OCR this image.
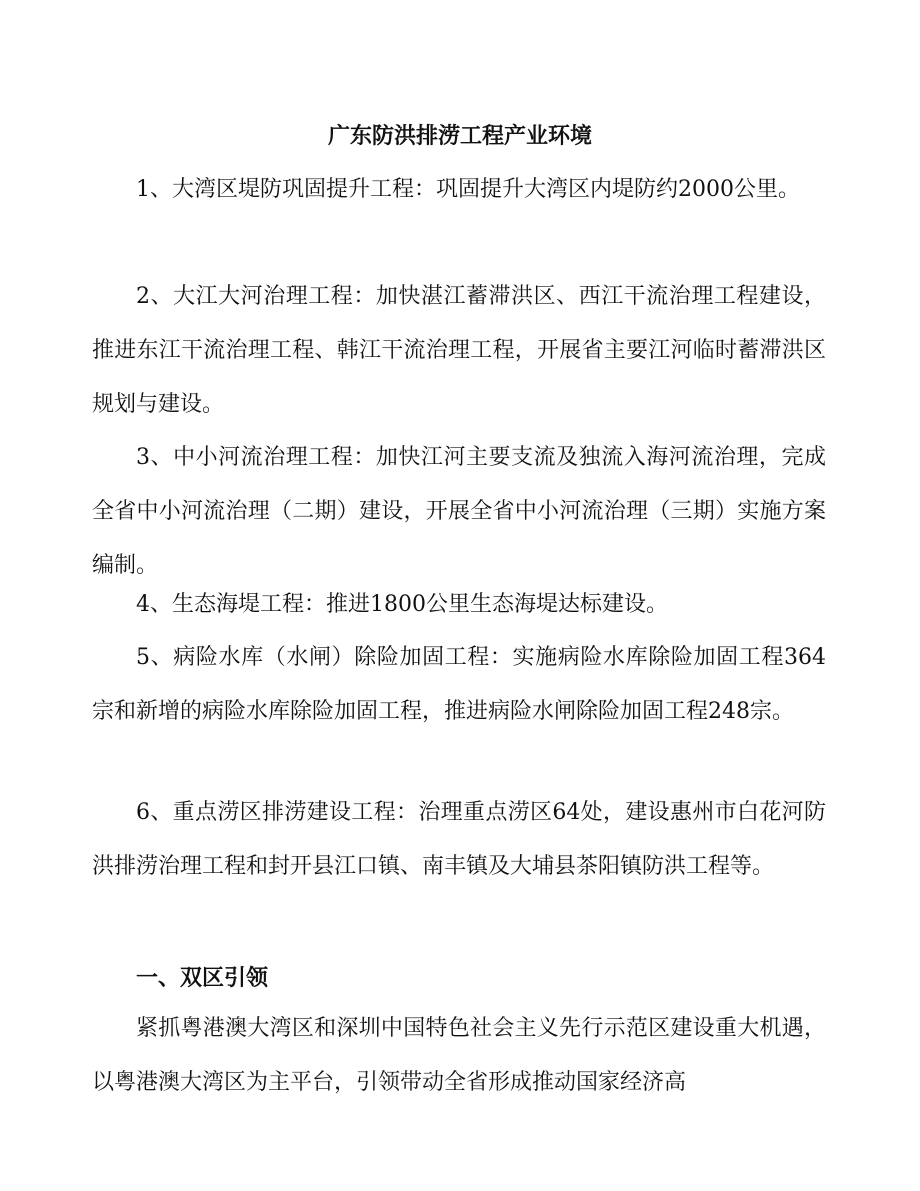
广东防洪排涝工程产业环境

1、大湾区堤防巩固提升工程：巩固提升大湾区内堤防约2000公里。

2、大江大河治理工程：加快湛江蓄滞洪区、西江干流治理工程建设，推进东江干流治理工程、韩江干流治理工程，开展省主要江河临时蓄滞洪区规划与建设。

3、中小河流治理工程：加快江河主要支流及独流入海河流治理，完成全省中小河流治理（二期）建设，开展全省中小河流治理（三期）实施方案编制。

4、生态海堤工程：推进1800公里生态海堤达标建设。

5、病险水库（水闸）除险加固工程：实施病险水库除险加固工程364宗和新增的病险水库除险加固工程，推进病险水闸除险加固工程248宗。

6、重点涝区排涝建设工程：治理重点涝区64处，建设惠州市白花河防洪排涝治理工程和封开县江口镇、南丰镇及大埔县茶阳镇防洪工程等。

一、双区引领

紧抓粤港澳大湾区和深圳中国特色社会主义先行示范区建设重大机遇，以粤港澳大湾区为主平台，引领带动全省形成推动国家经济高
